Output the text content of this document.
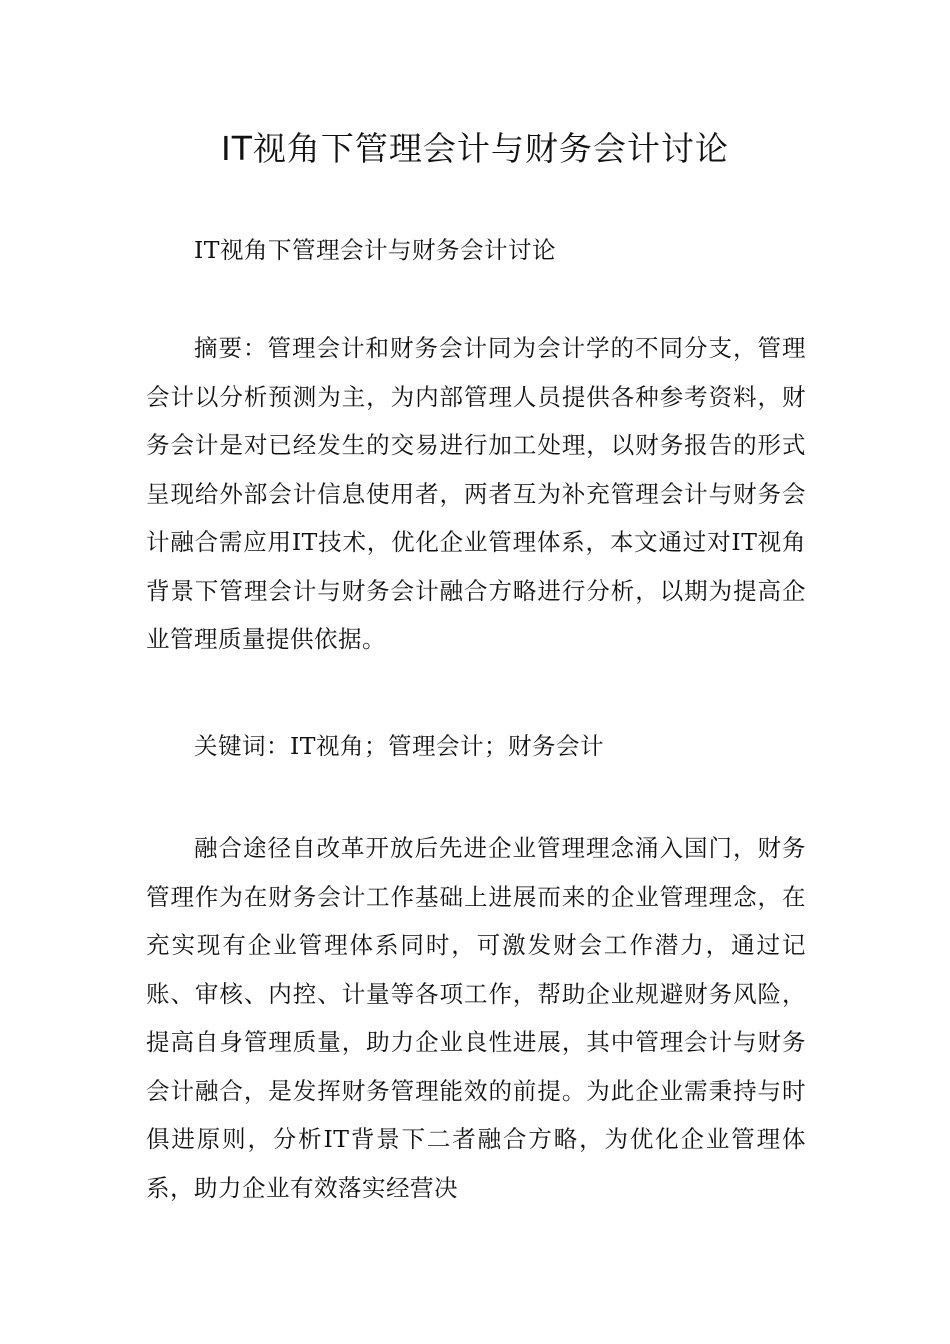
IT视角下管理会计与财务会计讨论

IT视角下管理会计与财务会计讨论

摘要：管理会计和财务会计同为会计学的不同分支，管理会计以分析预测为主，为内部管理人员提供各种参考资料，财务会计是对已经发生的交易进行加工处理，以财务报告的形式呈现给外部会计信息使用者，两者互为补充管理会计与财务会计融合需应用IT技术，优化企业管理体系，本文通过对IT视角背景下管理会计与财务会计融合方略进行分析，以期为提高企业管理质量提供依据。

关键词：IT视角；管理会计；财务会计

融合途径自改革开放后先进企业管理理念涌入国门，财务管理作为在财务会计工作基础上进展而来的企业管理理念，在充实现有企业管理体系同时，可激发财会工作潜力，通过记账、审核、内控、计量等各项工作，帮助企业规避财务风险，提高自身管理质量，助力企业良性进展，其中管理会计与财务会计融合，是发挥财务管理能效的前提。为此企业需秉持与时俱进原则，分析IT背景下二者融合方略，为优化企业管理体系，助力企业有效落实经营决
